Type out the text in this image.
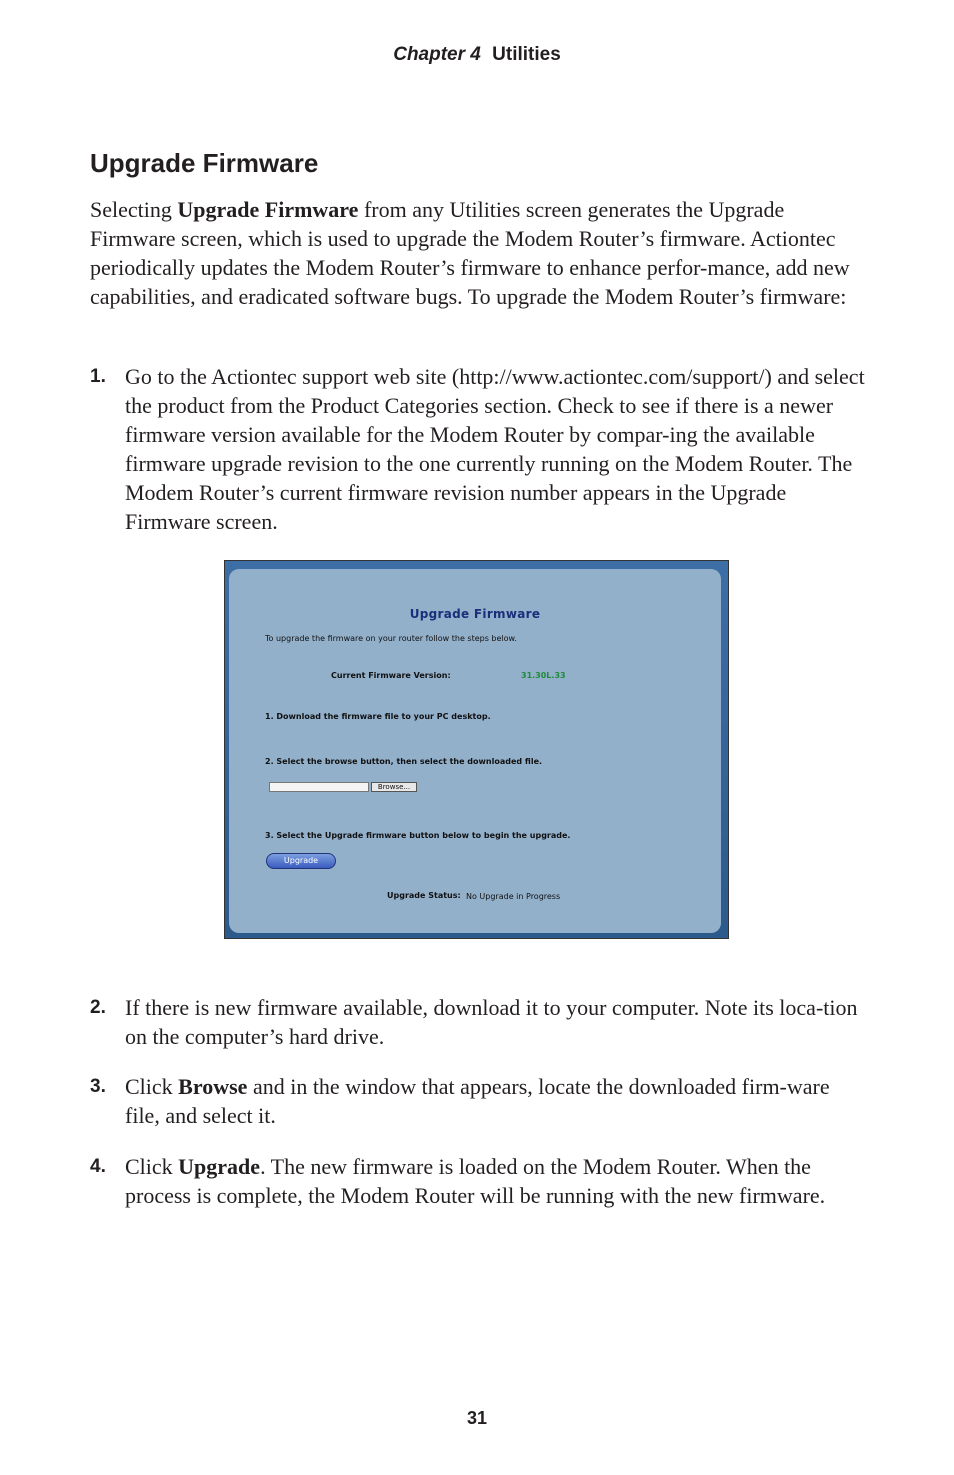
Chapter 4 Utilities
Upgrade Firmware
Selecting Upgrade Firmware from any Utilities screen generates the Upgrade Firmware screen, which is used to upgrade the Modem Router’s firmware. Actiontec periodically updates the Modem Router’s firmware to enhance perfor-mance, add new capabilities, and eradicated software bugs. To upgrade the Modem Router’s firmware:
1. Go to the Actiontec support web site (http://www.actiontec.com/support/) and select the product from the Product Categories section. Check to see if there is a newer firmware version available for the Modem Router by compar-ing the available firmware upgrade revision to the one currently running on the Modem Router. The Modem Router’s current firmware revision number appears in the Upgrade Firmware screen.
Upgrade Firmware
To upgrade the firmware on your router follow the steps below.
Current Firmware Version:	31.30L.33
1. Download the firmware file to your PC desktop.
2. Select the browse button, then select the downloaded file.
Browse...
3. Select the Upgrade firmware button below to begin the upgrade.
Upgrade
Upgrade Status: No Upgrade in Progress
2. If there is new firmware available, download it to your computer. Note its loca-tion on the computer’s hard drive.
3. Click Browse and in the window that appears, locate the downloaded firm-ware file, and select it.
4. Click Upgrade. The new firmware is loaded on the Modem Router. When the process is complete, the Modem Router will be running with the new firmware.
31
